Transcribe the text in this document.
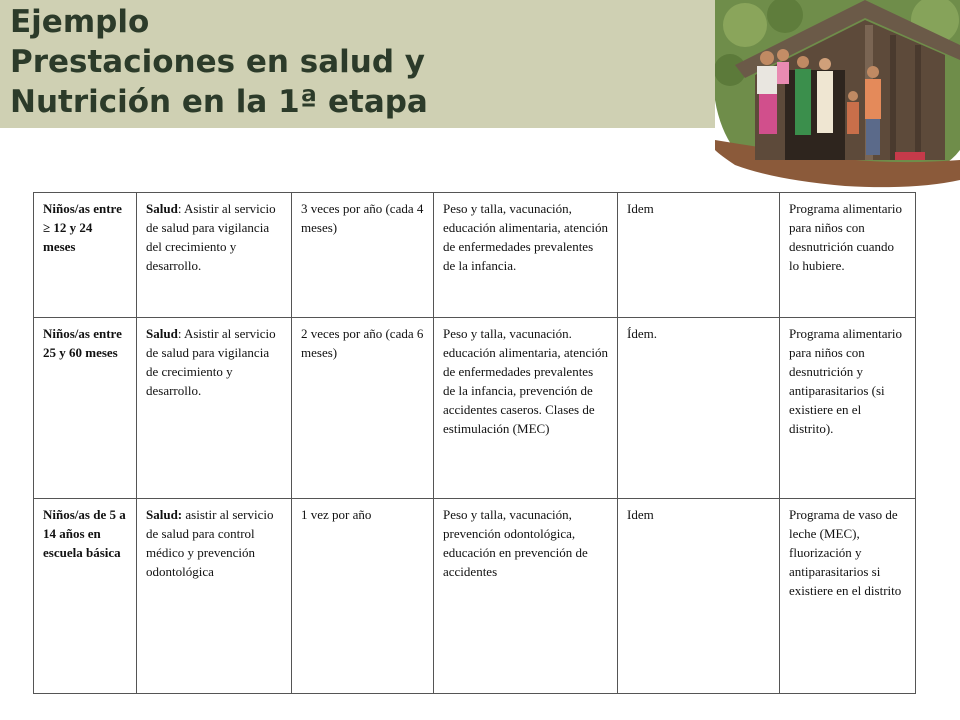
Ejemplo
Prestaciones en salud y
Nutrición en la 1ª etapa
Niños/as entre ≥ 12 y 24 meses	Salud: Asistir al servicio de salud para vigilancia del crecimiento y desarrollo.	3 veces por año (cada 4 meses)	Peso y talla, vacunación, educación alimentaria, atención de enfermedades prevalentes de la infancia.	Idem	Programa alimentario para niños con desnutrición cuando lo hubiere.
Niños/as entre 25 y 60 meses	Salud: Asistir al servicio de salud para vigilancia de crecimiento y desarrollo.	2 veces por año (cada 6 meses)	Peso y talla, vacunación. educación alimentaria, atención de enfermedades prevalentes de la infancia, prevención de accidentes caseros. Clases de estimulación (MEC)	Ídem.	Programa alimentario para niños con desnutrición y antiparasitarios (si existiere en el distrito).
Niños/as de 5 a 14 años en escuela básica	Salud: asistir al servicio de salud para control médico y prevención odontológica	1 vez por año	Peso y talla, vacunación, prevención odontológica, educación en prevención de accidentes	Idem	Programa de vaso de leche (MEC), fluorización y antiparasitarios si existiere en el distrito
